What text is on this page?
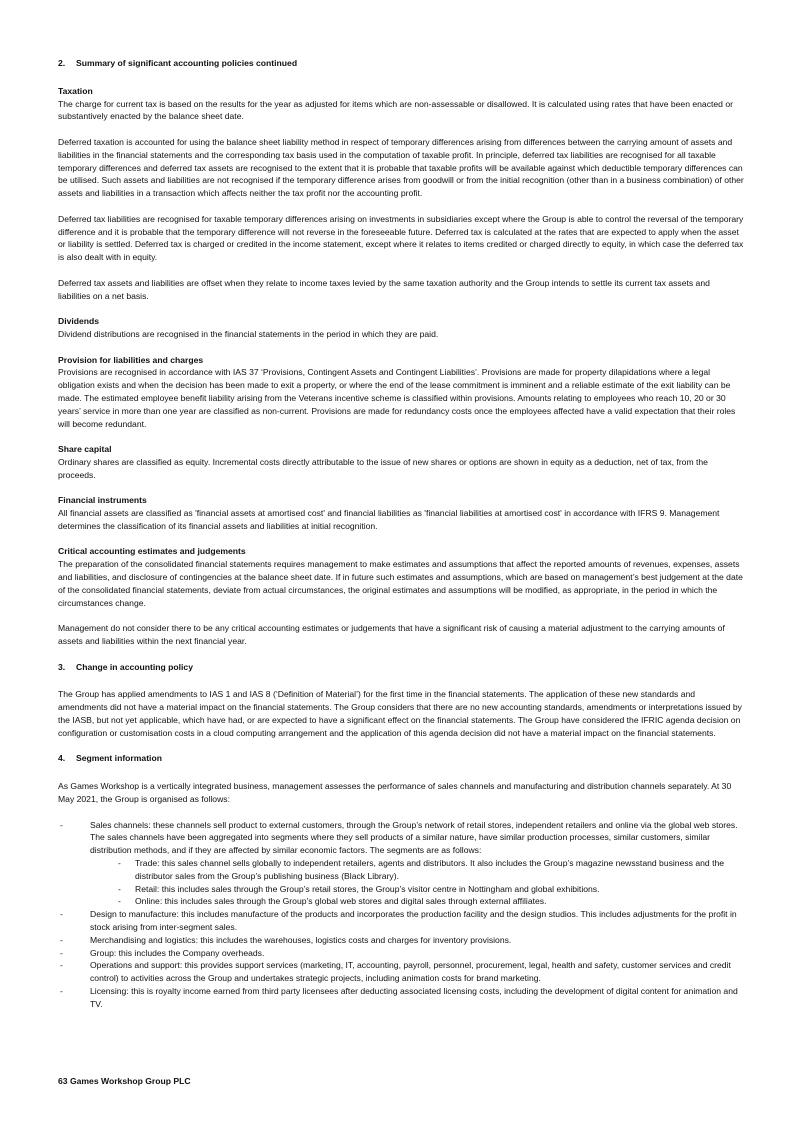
2. Summary of significant accounting policies continued
Taxation

The charge for current tax is based on the results for the year as adjusted for items which are non-assessable or disallowed. It is calculated using rates that have been enacted or substantively enacted by the balance sheet date.

Deferred taxation is accounted for using the balance sheet liability method in respect of temporary differences arising from differences between the carrying amount of assets and liabilities in the financial statements and the corresponding tax basis used in the computation of taxable profit. In principle, deferred tax liabilities are recognised for all taxable temporary differences and deferred tax assets are recognised to the extent that it is probable that taxable profits will be available against which deductible temporary differences can be utilised. Such assets and liabilities are not recognised if the temporary difference arises from goodwill or from the initial recognition (other than in a business combination) of other assets and liabilities in a transaction which affects neither the tax profit nor the accounting profit.

Deferred tax liabilities are recognised for taxable temporary differences arising on investments in subsidiaries except where the Group is able to control the reversal of the temporary difference and it is probable that the temporary difference will not reverse in the foreseeable future. Deferred tax is calculated at the rates that are expected to apply when the asset or liability is settled. Deferred tax is charged or credited in the income statement, except where it relates to items credited or charged directly to equity, in which case the deferred tax is also dealt with in equity.

Deferred tax assets and liabilities are offset when they relate to income taxes levied by the same taxation authority and the Group intends to settle its current tax assets and liabilities on a net basis.

Dividends

Dividend distributions are recognised in the financial statements in the period in which they are paid.

Provision for liabilities and charges

Provisions are recognised in accordance with IAS 37 ‘Provisions, Contingent Assets and Contingent Liabilities’. Provisions are made for property dilapidations where a legal obligation exists and when the decision has been made to exit a property, or where the end of the lease commitment is imminent and a reliable estimate of the exit liability can be made. The estimated employee benefit liability arising from the Veterans incentive scheme is classified within provisions. Amounts relating to employees who reach 10, 20 or 30 years’ service in more than one year are classified as non-current. Provisions are made for redundancy costs once the employees affected have a valid expectation that their roles will become redundant.

Share capital

Ordinary shares are classified as equity. Incremental costs directly attributable to the issue of new shares or options are shown in equity as a deduction, net of tax, from the proceeds.

Financial instruments

All financial assets are classified as 'financial assets at amortised cost' and financial liabilities as 'financial liabilities at amortised cost' in accordance with IFRS 9. Management determines the classification of its financial assets and liabilities at initial recognition.

Critical accounting estimates and judgements

The preparation of the consolidated financial statements requires management to make estimates and assumptions that affect the reported amounts of revenues, expenses, assets and liabilities, and disclosure of contingencies at the balance sheet date. If in future such estimates and assumptions, which are based on management’s best judgement at the date of the consolidated financial statements, deviate from actual circumstances, the original estimates and assumptions will be modified, as appropriate, in the period in which the circumstances change.

Management do not consider there to be any critical accounting estimates or judgements that have a significant risk of causing a material adjustment to the carrying amounts of assets and liabilities within the next financial year.

3. Change in accounting policy

The Group has applied amendments to IAS 1 and IAS 8 (‘Definition of Material’) for the first time in the financial statements. The application of these new standards and amendments did not have a material impact on the financial statements. The Group considers that there are no new accounting standards, amendments or interpretations issued by the IASB, but not yet applicable, which have had, or are expected to have a significant effect on the financial statements. The Group have considered the IFRIC agenda decision on configuration or customisation costs in a cloud computing arrangement and the application of this agenda decision did not have a material impact on the financial statements.

4. Segment information

As Games Workshop is a vertically integrated business, management assesses the performance of sales channels and manufacturing and distribution channels separately. At 30 May 2021, the Group is organised as follows:

- Sales channels: these channels sell product to external customers, through the Group’s network of retail stores, independent retailers and online via the global web stores. The sales channels have been aggregated into segments where they sell products of a similar nature, have similar production processes, similar customers, similar distribution methods, and if they are affected by similar economic factors. The segments are as follows:
- Trade: this sales channel sells globally to independent retailers, agents and distributors. It also includes the Group’s magazine newsstand business and the distributor sales from the Group’s publishing business (Black Library).
- Retail: this includes sales through the Group’s retail stores, the Group’s visitor centre in Nottingham and global exhibitions.
- Online: this includes sales through the Group’s global web stores and digital sales through external affiliates.
- Design to manufacture: this includes manufacture of the products and incorporates the production facility and the design studios. This includes adjustments for the profit in stock arising from inter-segment sales.
- Merchandising and logistics: this includes the warehouses, logistics costs and charges for inventory provisions.
- Group: this includes the Company overheads.
- Operations and support: this provides support services (marketing, IT, accounting, payroll, personnel, procurement, legal, health and safety, customer services and credit control) to activities across the Group and undertakes strategic projects, including animation costs for brand marketing.
- Licensing: this is royalty income earned from third party licensees after deducting associated licensing costs, including the development of digital content for animation and TV.
63 Games Workshop Group PLC
